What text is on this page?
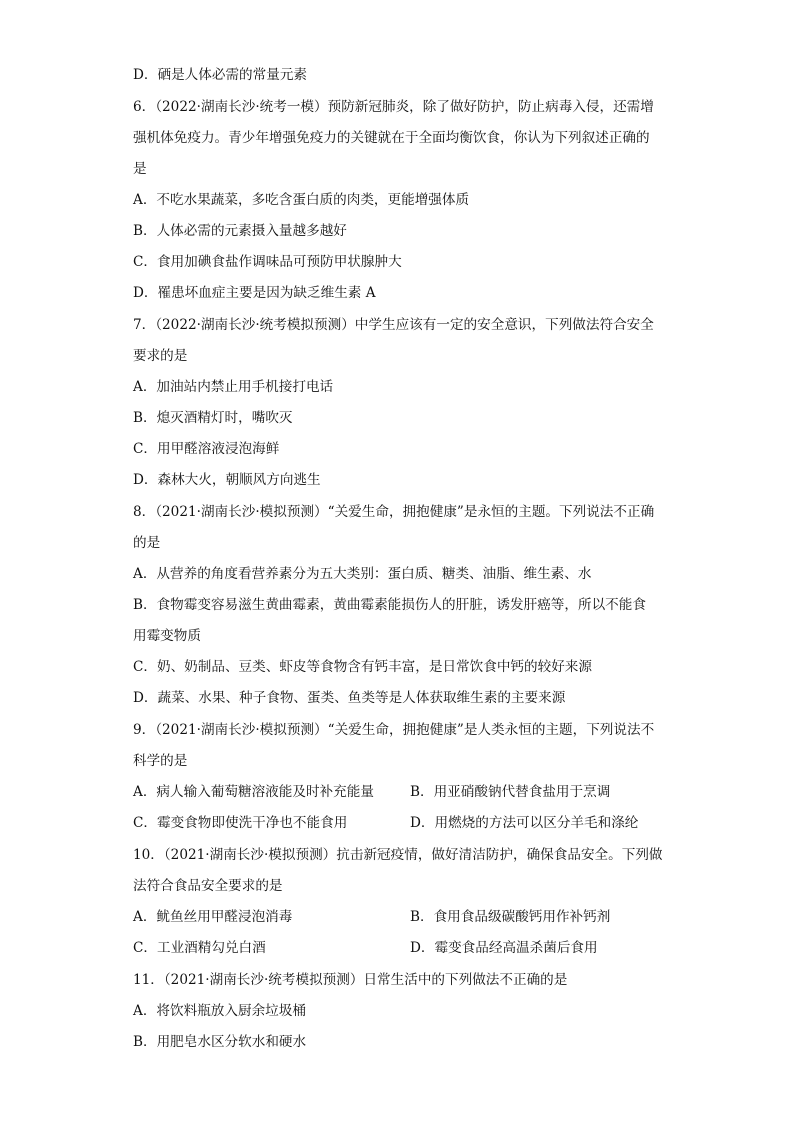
D．硒是人体必需的常量元素
6．（2022·湖南长沙·统考一模）预防新冠肺炎，除了做好防护，防止病毒入侵，还需增
强机体免疫力。青少年增强免疫力的关键就在于全面均衡饮食，你认为下列叙述正确的
是
A．不吃水果蔬菜，多吃含蛋白质的肉类，更能增强体质
B．人体必需的元素摄入量越多越好
C．食用加碘食盐作调味品可预防甲状腺肿大
D．罹患坏血症主要是因为缺乏维生素 A
7．（2022·湖南长沙·统考模拟预测）中学生应该有一定的安全意识，下列做法符合安全
要求的是
A．加油站内禁止用手机接打电话
B．熄灭酒精灯时，嘴吹灭
C．用甲醛溶液浸泡海鲜
D．森林大火，朝顺风方向逃生
8．（2021·湖南长沙·模拟预测）“关爱生命，拥抱健康”是永恒的主题。下列说法不正确
的是
A．从营养的角度看营养素分为五大类别：蛋白质、糖类、油脂、维生素、水
B．食物霉变容易滋生黄曲霉素，黄曲霉素能损伤人的肝脏，诱发肝癌等，所以不能食
用霉变物质
C．奶、奶制品、豆类、虾皮等食物含有钙丰富，是日常饮食中钙的较好来源
D．蔬菜、水果、种子食物、蛋类、鱼类等是人体获取维生素的主要来源
9．（2021·湖南长沙·模拟预测）“关爱生命，拥抱健康”是人类永恒的主题，下列说法不
科学的是
A．病人输入葡萄糖溶液能及时补充能量	B．用亚硝酸钠代替食盐用于烹调
C．霉变食物即使洗干净也不能食用	D．用燃烧的方法可以区分羊毛和涤纶
10．（2021·湖南长沙·模拟预测）抗击新冠疫情，做好清洁防护，确保食品安全。下列做
法符合食品安全要求的是
A．鱿鱼丝用甲醛浸泡消毒	B．食用食品级碳酸钙用作补钙剂
C．工业酒精勾兑白酒	D．霉变食品经高温杀菌后食用
11．（2021·湖南长沙·统考模拟预测）日常生活中的下列做法不正确的是
A．将饮料瓶放入厨余垃圾桶
B．用肥皂水区分软水和硬水
